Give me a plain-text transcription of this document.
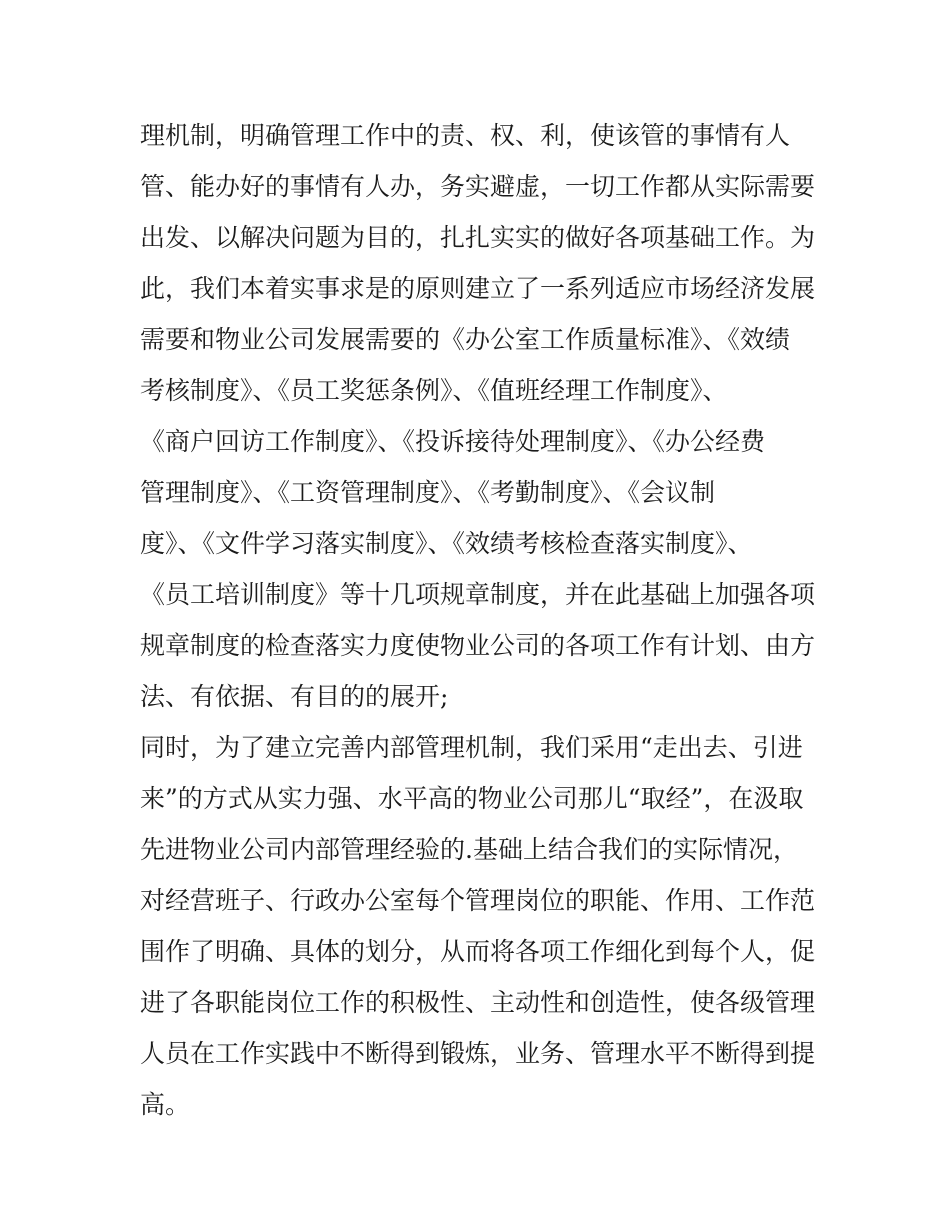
理机制，明确管理工作中的责、权、利，使该管的事情有人
管、能办好的事情有人办，务实避虚，一切工作都从实际需要
出发、以解决问题为目的，扎扎实实的做好各项基础工作。为
此，我们本着实事求是的原则建立了一系列适应市场经济发展
需要和物业公司发展需要的《办公室工作质量标准》、《效绩
考核制度》、《员工奖惩条例》、《值班经理工作制度》、
《商户回访工作制度》、《投诉接待处理制度》、《办公经费
管理制度》、《工资管理制度》、《考勤制度》、《会议制
度》、《文件学习落实制度》、《效绩考核检查落实制度》、
《员工培训制度》等十几项规章制度，并在此基础上加强各项
规章制度的检查落实力度使物业公司的各项工作有计划、由方
法、有依据、有目的的展开;
同时，为了建立完善内部管理机制，我们采用“走出去、引进
来”的方式从实力强、水平高的物业公司那儿“取经”，在汲取
先进物业公司内部管理经验的.基础上结合我们的实际情况，
对经营班子、行政办公室每个管理岗位的职能、作用、工作范
围作了明确、具体的划分，从而将各项工作细化到每个人，促
进了各职能岗位工作的积极性、主动性和创造性，使各级管理
人员在工作实践中不断得到锻炼，业务、管理水平不断得到提
高。
